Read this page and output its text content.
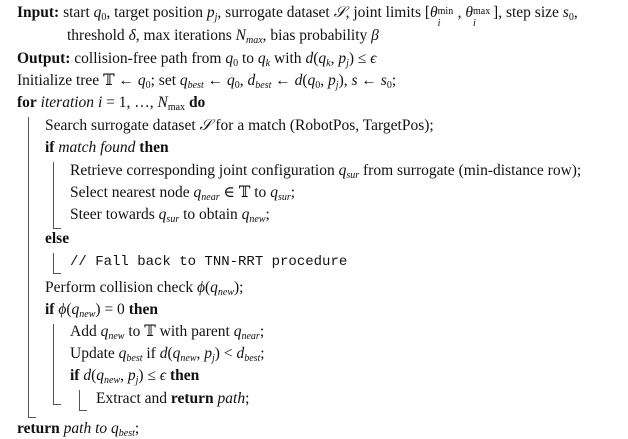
Input: start $q_0$, target position $p_j$, surrogate dataset 𝒮, joint limits [θ min
i
, θ max
i
], step size $s_0$,
threshold δ, max iterations $N_{max}$, bias probability β
Output: collision-free path from $q_0$ to $q_k$ with $d(q_k$, $p_j) \le \epsilon$
Initialize tree 𝕋 ← $q_0$; set $q_{best}$ ← $q_0$, $d_{best}$ ← $d(q_0$, $p_j$), s ← $s_0$;
for iteration i = 1, …, $N_{max}$ do
Search surrogate dataset 𝒮 for a match (RobotPos, TargetPos);
if match found then
Retrieve corresponding joint configuration $q_{sur}$ from surrogate (min-distance row);
Select nearest node $q_{near}$ ∈ 𝕋 to $q_{sur}$;
Steer towards $q_{sur}$ to obtain $q_{new}$;
else
// Fall back to TNN-RRT procedure
Perform collision check $\phi(q_{new})$;
if $\phi(q_{new}) = 0$ then
Add $q_{new}$ to 𝕋 with parent $q_{near}$;
Update $q_{best}$ if $d(q_{new}$, $p_j) < d_{best}$;
if $d(q_{new}$, $p_j) \le \epsilon$ then
Extract and return path;
return path to $q_{best}$;
